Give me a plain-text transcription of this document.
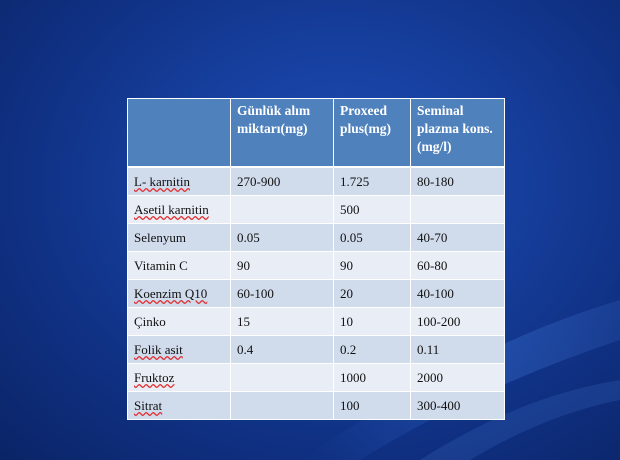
	Günlük alım miktarı(mg)	Proxeed plus(mg)	Seminal plazma kons.(mg/l)
L- karnitin	270-900	1.725	80-180
Asetil karnitin		500	
Selenyum	0.05	0.05	40-70
Vitamin C	90	90	60-80
Koenzim Q10	60-100	20	40-100
Çinko	15	10	100-200
Folik asit	0.4	0.2	0.11
Fruktoz		1000	2000
Sitrat		100	300-400
